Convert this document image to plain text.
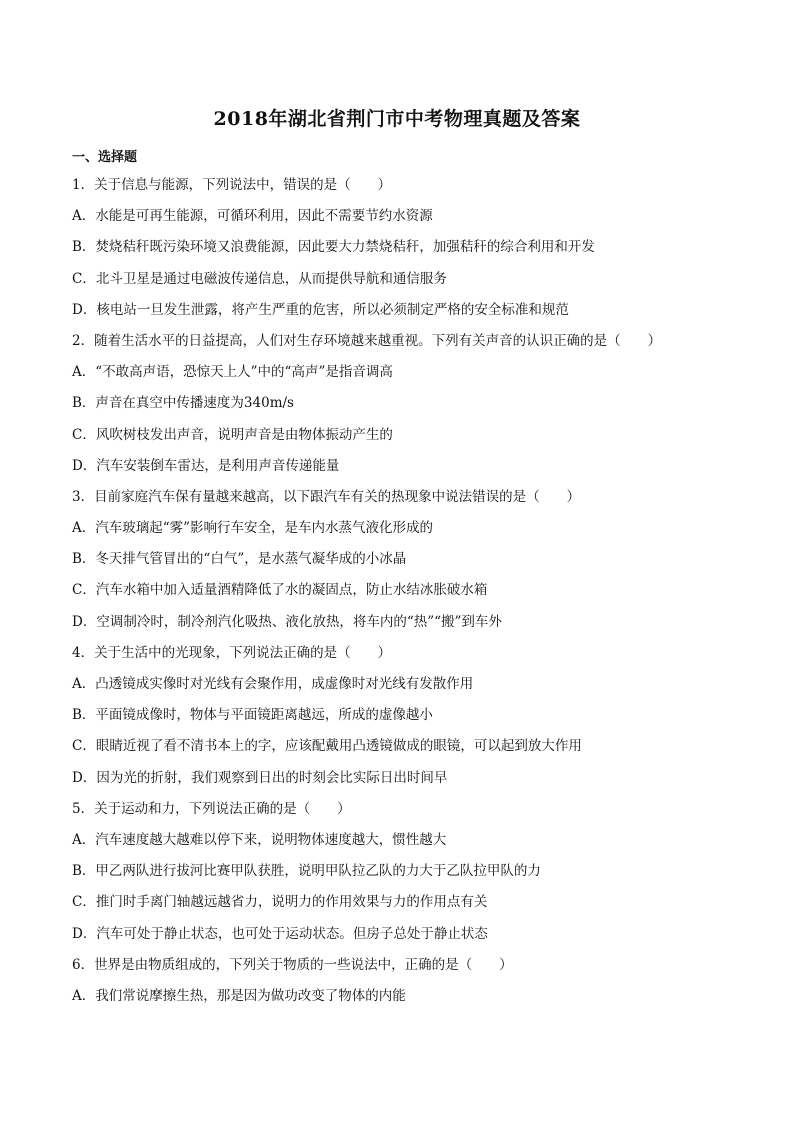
2018年湖北省荆门市中考物理真题及答案
一、选择题
1．关于信息与能源，下列说法中，错误的是（　　）
A．水能是可再生能源，可循环利用，因此不需要节约水资源
B．焚烧秸秆既污染环境又浪费能源，因此要大力禁烧秸秆，加强秸秆的综合利用和开发
C．北斗卫星是通过电磁波传递信息，从而提供导航和通信服务
D．核电站一旦发生泄露，将产生严重的危害，所以必须制定严格的安全标准和规范
2．随着生活水平的日益提高，人们对生存环境越来越重视。下列有关声音的认识正确的是（　　）
A．“不敢高声语，恐惊天上人”中的“高声”是指音调高
B．声音在真空中传播速度为340m/s
C．风吹树枝发出声音，说明声音是由物体振动产生的
D．汽车安装倒车雷达，是利用声音传递能量
3．目前家庭汽车保有量越来越高，以下跟汽车有关的热现象中说法错误的是（　　）
A．汽车玻璃起“雾”影响行车安全，是车内水蒸气液化形成的
B．冬天排气管冒出的“白气”，是水蒸气凝华成的小冰晶
C．汽车水箱中加入适量酒精降低了水的凝固点，防止水结冰胀破水箱
D．空调制冷时，制冷剂汽化吸热、液化放热，将车内的“热”“搬”到车外
4．关于生活中的光现象，下列说法正确的是（　　）
A．凸透镜成实像时对光线有会聚作用，成虚像时对光线有发散作用
B．平面镜成像时，物体与平面镜距离越远，所成的虚像越小
C．眼睛近视了看不清书本上的字，应该配戴用凸透镜做成的眼镜，可以起到放大作用
D．因为光的折射，我们观察到日出的时刻会比实际日出时间早
5．关于运动和力，下列说法正确的是（　　）
A．汽车速度越大越难以停下来，说明物体速度越大，惯性越大
B．甲乙两队进行拔河比赛甲队获胜，说明甲队拉乙队的力大于乙队拉甲队的力
C．推门时手离门轴越远越省力，说明力的作用效果与力的作用点有关
D．汽车可处于静止状态，也可处于运动状态。但房子总处于静止状态
6．世界是由物质组成的，下列关于物质的一些说法中，正确的是（　　）
A．我们常说摩擦生热，那是因为做功改变了物体的内能
